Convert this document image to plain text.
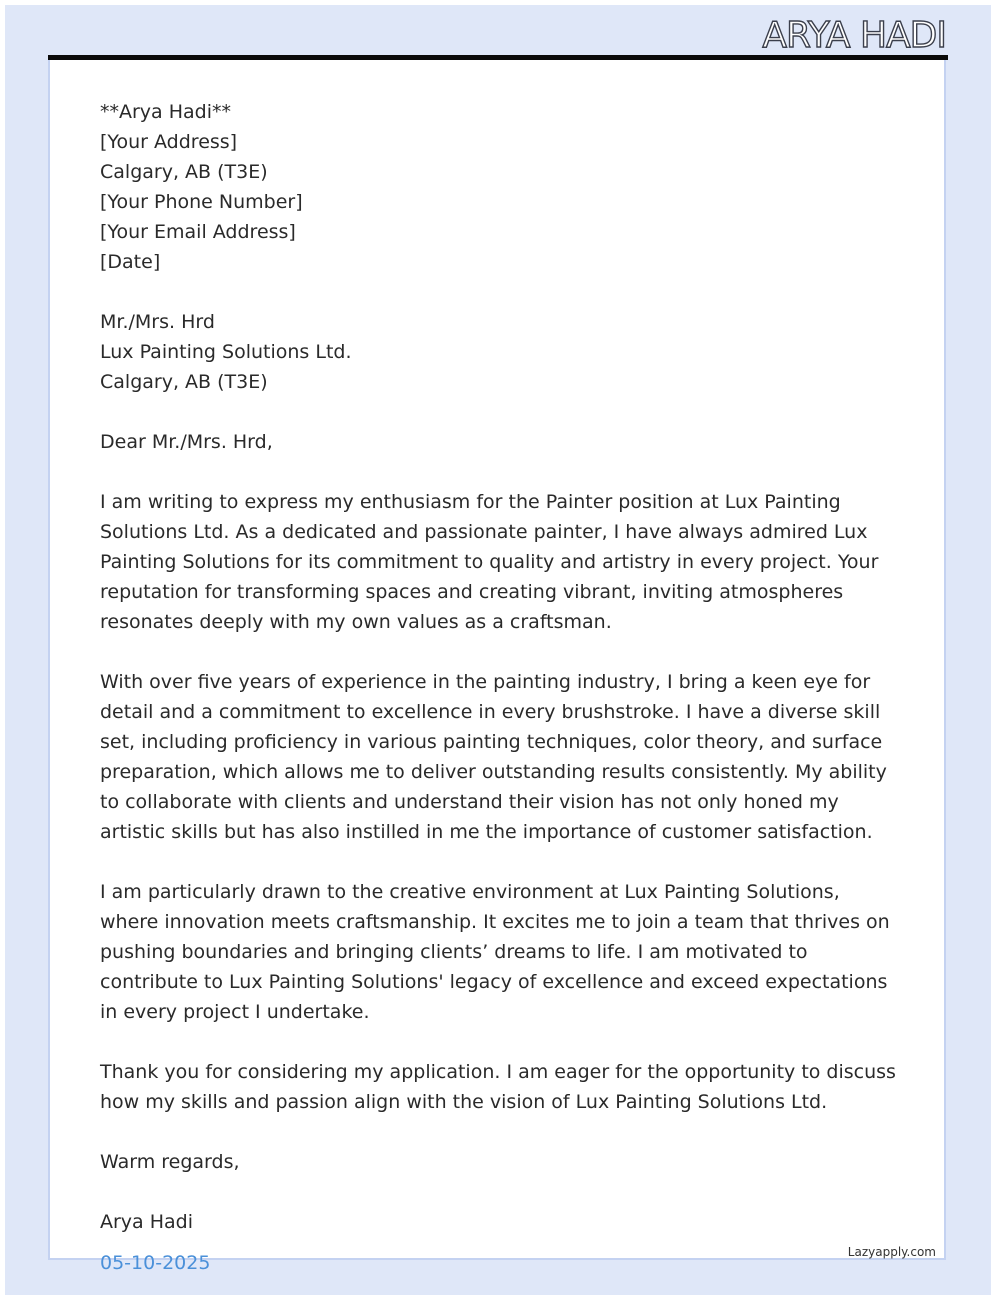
ARYA HADI

**Arya Hadi**
[Your Address]
Calgary, AB (T3E)
[Your Phone Number]
[Your Email Address]
[Date]

Mr./Mrs. Hrd
Lux Painting Solutions Ltd.
Calgary, AB (T3E)

Dear Mr./Mrs. Hrd,

I am writing to express my enthusiasm for the Painter position at Lux Painting Solutions Ltd. As a dedicated and passionate painter, I have always admired Lux Painting Solutions for its commitment to quality and artistry in every project. Your reputation for transforming spaces and creating vibrant, inviting atmospheres resonates deeply with my own values as a craftsman.

With over five years of experience in the painting industry, I bring a keen eye for detail and a commitment to excellence in every brushstroke. I have a diverse skill set, including proficiency in various painting techniques, color theory, and surface preparation, which allows me to deliver outstanding results consistently. My ability to collaborate with clients and understand their vision has not only honed my artistic skills but has also instilled in me the importance of customer satisfaction.

I am particularly drawn to the creative environment at Lux Painting Solutions, where innovation meets craftsmanship. It excites me to join a team that thrives on pushing boundaries and bringing clients’ dreams to life. I am motivated to contribute to Lux Painting Solutions' legacy of excellence and exceed expectations in every project I undertake.

Thank you for considering my application. I am eager for the opportunity to discuss how my skills and passion align with the vision of Lux Painting Solutions Ltd.

Warm regards,

Arya Hadi

Lazyapply.com
05-10-2025
